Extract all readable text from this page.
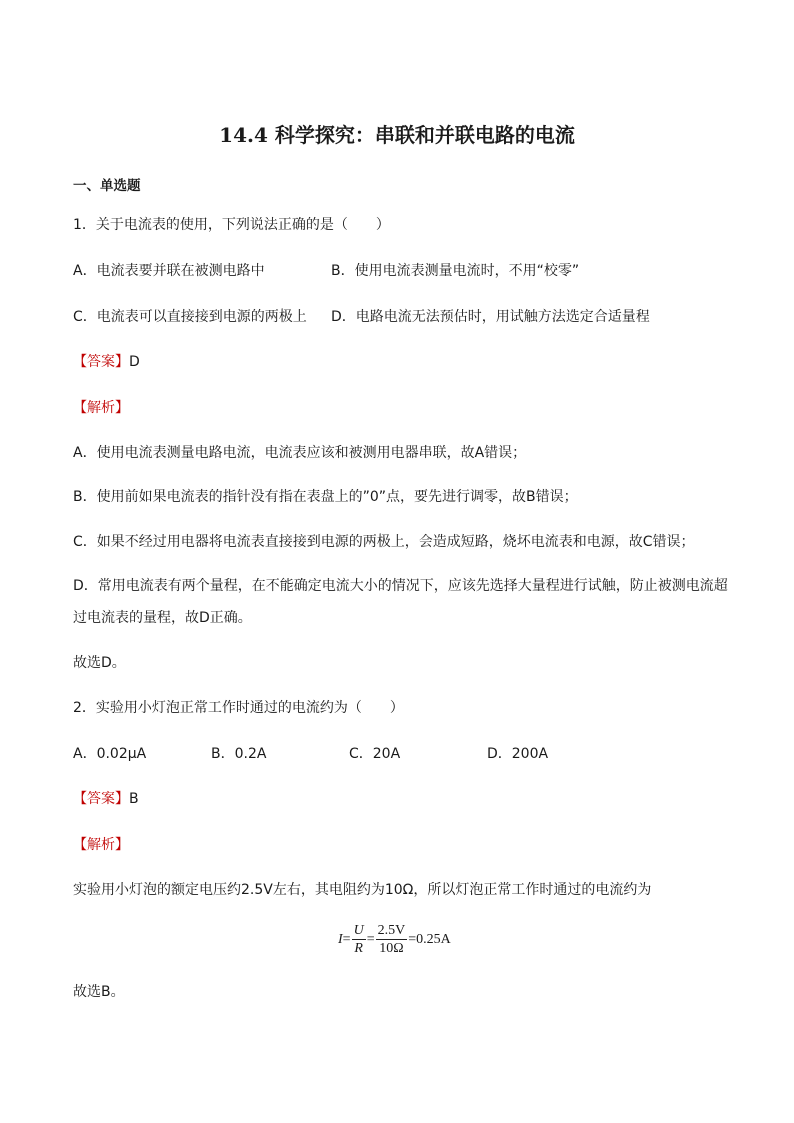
14.4 科学探究：串联和并联电路的电流
一、单选题
1．关于电流表的使用，下列说法正确的是（　　）
A．电流表要并联在被测电路中	B．使用电流表测量电流时，不用“校零”
C．电流表可以直接接到电源的两极上 D．电路电流无法预估时，用试触方法选定合适量程
【答案】D
【解析】
A．使用电流表测量电路电流，电流表应该和被测用电器串联，故A错误；
B．使用前如果电流表的指针没有指在表盘上的”0”点，要先进行调零，故B错误；
C．如果不经过用电器将电流表直接接到电源的两极上，会造成短路，烧坏电流表和电源，故C错误；
D．常用电流表有两个量程，在不能确定电流大小的情况下，应该先选择大量程进行试触，防止被测电流超
过电流表的量程，故D正确。
故选D。
2．实验用小灯泡正常工作时通过的电流约为（　　）
A．0.02μA	B．0.2A	C．20A	D．200A
【答案】B
【解析】
实验用小灯泡的额定电压约2.5V左右，其电阻约为10Ω，所以灯泡正常工作时通过的电流约为
$I= \frac{U}{R} = \frac{2.5V}{10\Omega} =0.25A$
故选B。
